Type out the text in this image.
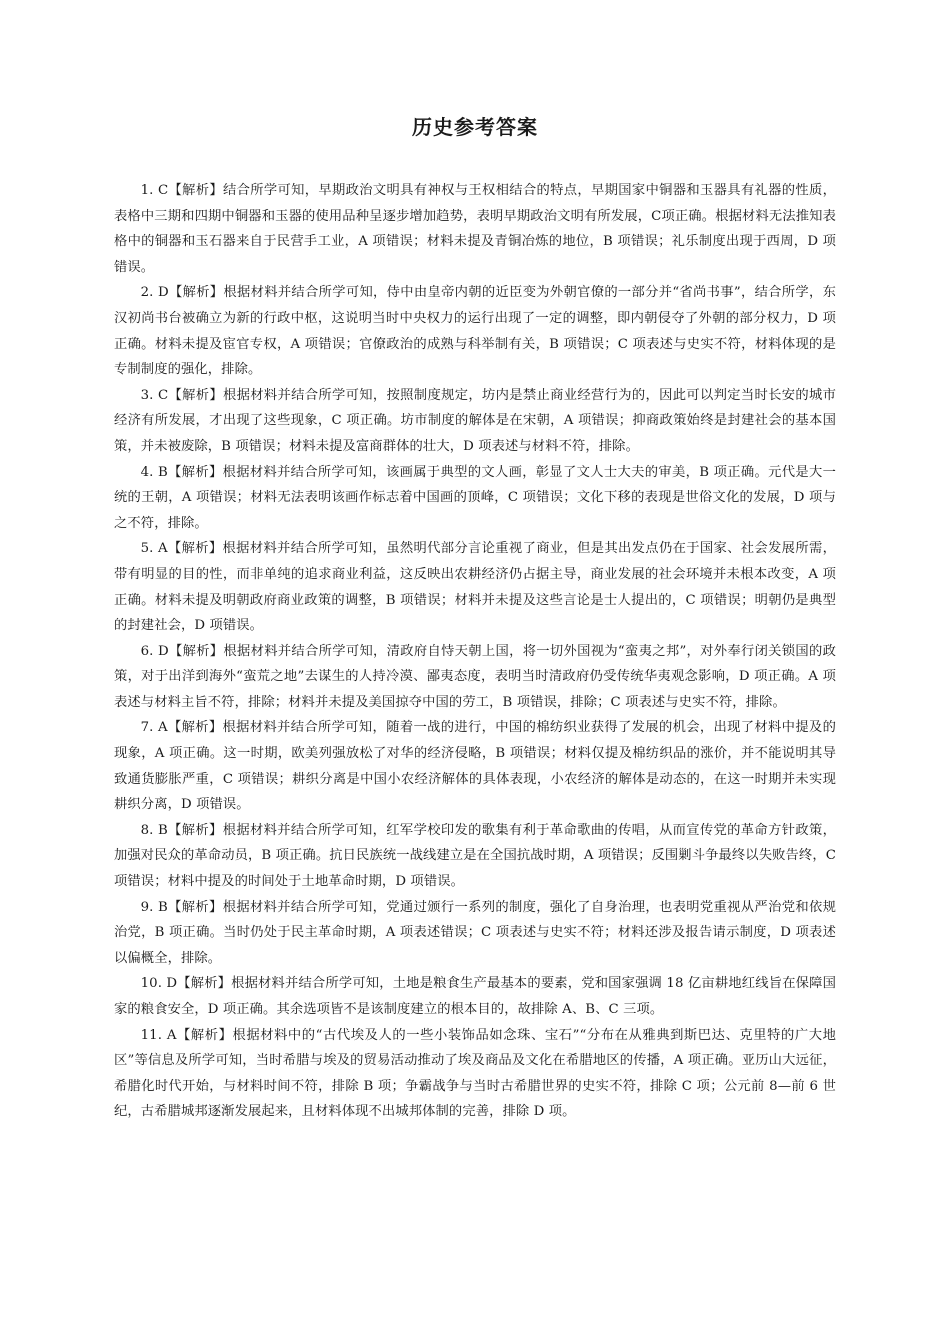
历史参考答案

1. C【解析】结合所学可知，早期政治文明具有神权与王权相结合的特点，早期国家中铜器和玉器具有礼器的性质，表格中三期和四期中铜器和玉器的使用品种呈逐步增加趋势，表明早期政治文明有所发展，C项正确。根据材料无法推知表格中的铜器和玉石器来自于民营手工业，A 项错误；材料未提及青铜冶炼的地位，B 项错误；礼乐制度出现于西周，D 项错误。

2. D【解析】根据材料并结合所学可知，侍中由皇帝内朝的近臣变为外朝官僚的一部分并“省尚书事”，结合所学，东汉初尚书台被确立为新的行政中枢，这说明当时中央权力的运行出现了一定的调整，即内朝侵夺了外朝的部分权力，D 项正确。材料未提及宦官专权，A 项错误；官僚政治的成熟与科举制有关，B 项错误；C 项表述与史实不符，材料体现的是专制制度的强化，排除。

3. C【解析】根据材料并结合所学可知，按照制度规定，坊内是禁止商业经营行为的，因此可以判定当时长安的城市经济有所发展，才出现了这些现象，C 项正确。坊市制度的解体是在宋朝，A 项错误；抑商政策始终是封建社会的基本国策，并未被废除，B 项错误；材料未提及富商群体的壮大，D 项表述与材料不符，排除。

4. B【解析】根据材料并结合所学可知，该画属于典型的文人画，彰显了文人士大夫的审美，B 项正确。元代是大一统的王朝，A 项错误；材料无法表明该画作标志着中国画的顶峰，C 项错误；文化下移的表现是世俗文化的发展，D 项与之不符，排除。

5. A【解析】根据材料并结合所学可知，虽然明代部分言论重视了商业，但是其出发点仍在于国家、社会发展所需，带有明显的目的性，而非单纯的追求商业利益，这反映出农耕经济仍占据主导，商业发展的社会环境并未根本改变，A 项正确。材料未提及明朝政府商业政策的调整，B 项错误；材料并未提及这些言论是士人提出的，C 项错误；明朝仍是典型的封建社会，D 项错误。

6. D【解析】根据材料并结合所学可知，清政府自恃天朝上国，将一切外国视为“蛮夷之邦”，对外奉行闭关锁国的政策，对于出洋到海外“蛮荒之地”去谋生的人持冷漠、鄙夷态度，表明当时清政府仍受传统华夷观念影响，D 项正确。A 项表述与材料主旨不符，排除；材料并未提及美国掠夺中国的劳工，B 项错误，排除；C 项表述与史实不符，排除。

7. A【解析】根据材料并结合所学可知，随着一战的进行，中国的棉纺织业获得了发展的机会，出现了材料中提及的现象，A 项正确。这一时期，欧美列强放松了对华的经济侵略，B 项错误；材料仅提及棉纺织品的涨价，并不能说明其导致通货膨胀严重，C 项错误；耕织分离是中国小农经济解体的具体表现，小农经济的解体是动态的，在这一时期并未实现耕织分离，D 项错误。

8. B【解析】根据材料并结合所学可知，红军学校印发的歌集有利于革命歌曲的传唱，从而宣传党的革命方针政策，加强对民众的革命动员，B 项正确。抗日民族统一战线建立是在全国抗战时期，A 项错误；反围剿斗争最终以失败告终，C 项错误；材料中提及的时间处于土地革命时期，D 项错误。

9. B【解析】根据材料并结合所学可知，党通过颁行一系列的制度，强化了自身治理，也表明党重视从严治党和依规治党，B 项正确。当时仍处于民主革命时期，A 项表述错误；C 项表述与史实不符；材料还涉及报告请示制度，D 项表述以偏概全，排除。

10. D【解析】根据材料并结合所学可知，土地是粮食生产最基本的要素，党和国家强调 18 亿亩耕地红线旨在保障国家的粮食安全，D 项正确。其余选项皆不是该制度建立的根本目的，故排除 A、B、C 三项。

11. A【解析】根据材料中的“古代埃及人的一些小装饰品如念珠、宝石”“分布在从雅典到斯巴达、克里特的广大地区”等信息及所学可知，当时希腊与埃及的贸易活动推动了埃及商品及文化在希腊地区的传播，A 项正确。亚历山大远征，希腊化时代开始，与材料时间不符，排除 B 项；争霸战争与当时古希腊世界的史实不符，排除 C 项；公元前 8—前 6 世纪，古希腊城邦逐渐发展起来，且材料体现不出城邦体制的完善，排除 D 项。
